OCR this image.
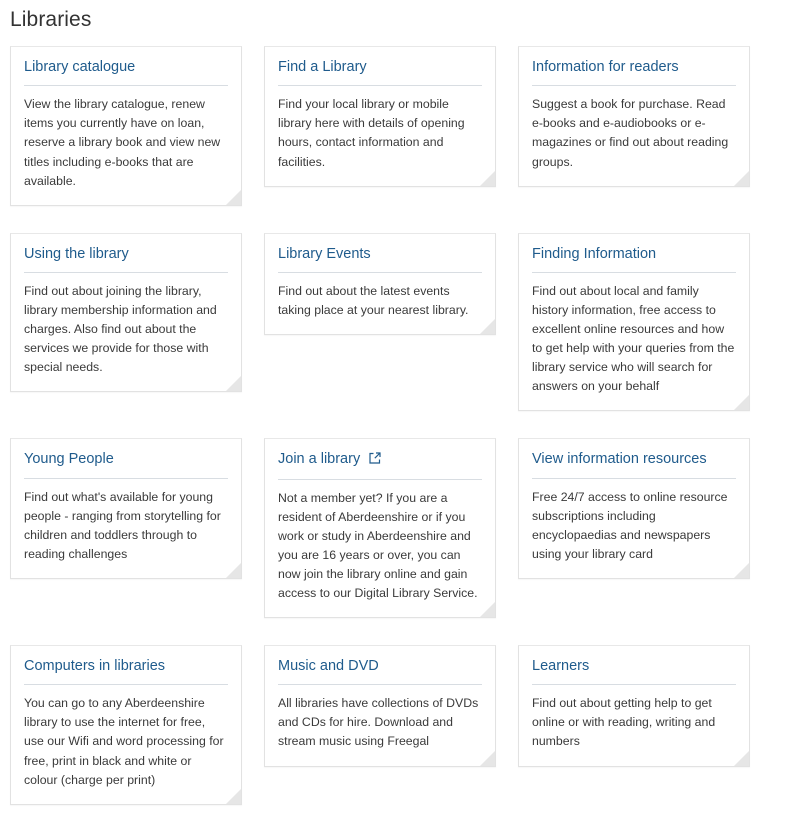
Libraries
Library catalogue

View the library catalogue, renew items you currently have on loan, reserve a library book and view new titles including e-books that are available.

Find a Library

Find your local library or mobile library here with details of opening hours, contact information and facilities.

Information for readers

Suggest a book for purchase. Read e-books and e-audiobooks or e-magazines or find out about reading groups.

Using the library

Find out about joining the library, library membership information and charges. Also find out about the services we provide for those with special needs.

Library Events

Find out about the latest events taking place at your nearest library.

Finding Information

Find out about local and family history information, free access to excellent online resources and how to get help with your queries from the library service who will search for answers on your behalf

Young People

Find out what's available for young people - ranging from storytelling for children and toddlers through to reading challenges

Join a library

Not a member yet? If you are a resident of Aberdeenshire or if you work or study in Aberdeenshire and you are 16 years or over, you can now join the library online and gain access to our Digital Library Service.

View information resources

Free 24/7 access to online resource subscriptions including encyclopaedias and newspapers using your library card

Computers in libraries

You can go to any Aberdeenshire library to use the internet for free, use our Wifi and word processing for free, print in black and white or colour (charge per print)

Music and DVD

All libraries have collections of DVDs and CDs for hire. Download and stream music using Freegal

Learners

Find out about getting help to get online or with reading, writing and numbers
